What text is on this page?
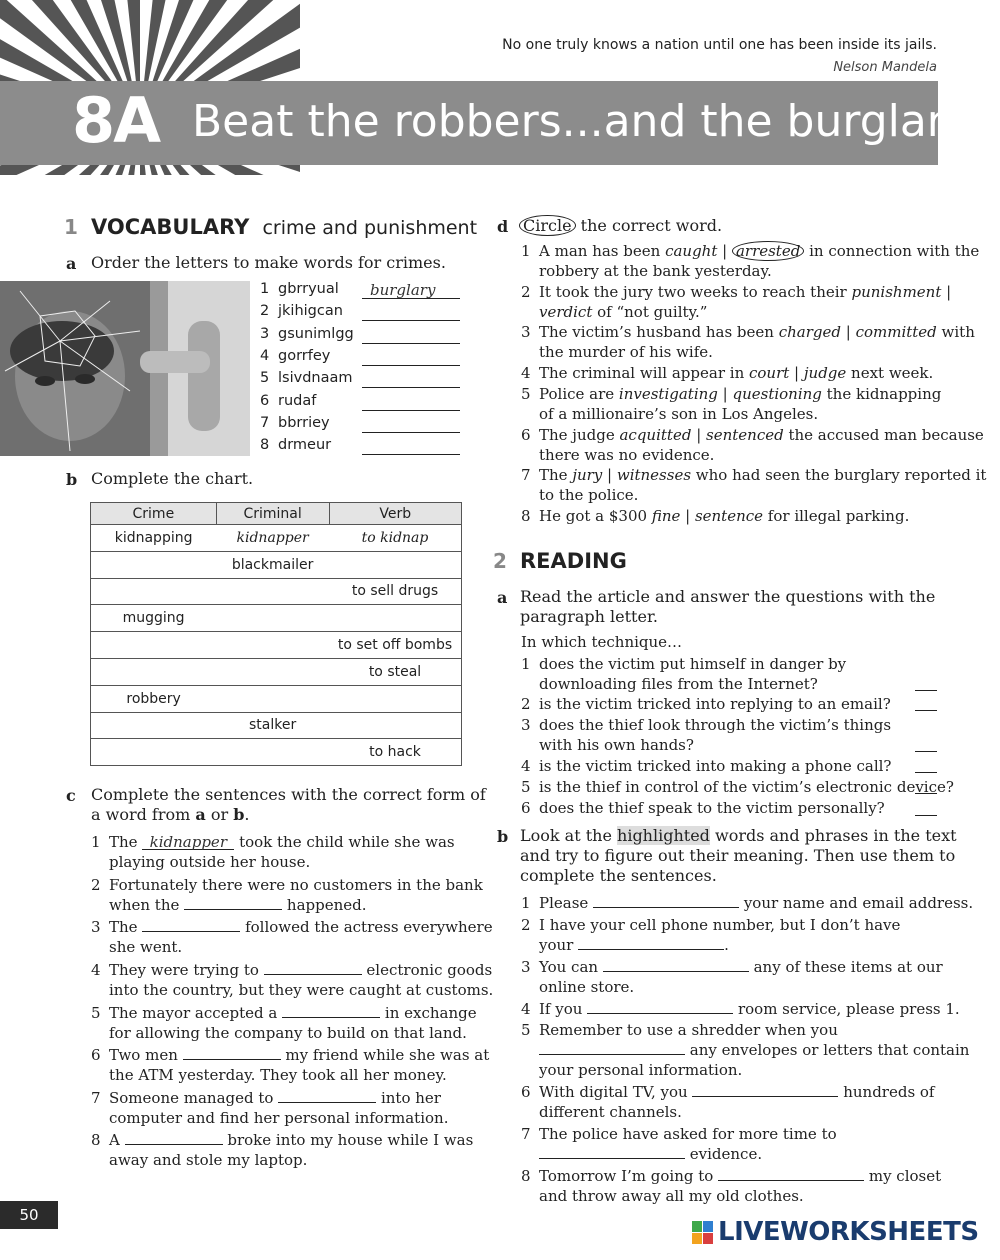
No one truly knows a nation until one has been inside its jails.
Nelson Mandela
8A Beat the robbers...and the burglars
1 VOCABULARY crime and punishment
a Order the letters to make words for crimes.
1 gbrryual burglary
2 jkihigcan
3 gsunimlgg
4 gorrfey
5 lsivdnaam
6 rudaf
7 bbrriey
8 drmeur
b Complete the chart.
Crime	Criminal	Verb
kidnapping	kidnapper	to kidnap
	blackmailer	
		to sell drugs
mugging		
		to set off bombs
		to steal
robbery		
	stalker	
		to hack
c Complete the sentences with the correct form of
a word from a or b.
1 The kidnapper took the child while she was
playing outside her house.
2 Fortunately there were no customers in the bank
when the	happened.
3 The	followed the actress everywhere
she went.
4 They were trying to	electronic goods
into the country, but they were caught at customs.
5 The mayor accepted a	in exchange
for allowing the company to build on that land.
6 Two men	my friend while she was at
the ATM yesterday. They took all her money.
7 Someone managed to	into her
computer and find her personal information.
8 A	broke into my house while I was
away and stole my laptop.
d Circle the correct word.
1 A man has been caught | arrested in connection with the
robbery at the bank yesterday.
2 It took the jury two weeks to reach their punishment |
verdict of “not guilty.”
3 The victim’s husband has been charged | committed with
the murder of his wife.
4 The criminal will appear in court | judge next week.
5 Police are investigating | questioning the kidnapping
of a millionaire’s son in Los Angeles.
6 The judge acquitted | sentenced the accused man because
there was no evidence.
7 The jury | witnesses who had seen the burglary reported it
to the police.
8 He got a $300 fine | sentence for illegal parking.
2 READING
a Read the article and answer the questions with the
paragraph letter.
In which technique…
1 does the victim put himself in danger by
downloading files from the Internet?
2 is the victim tricked into replying to an email?
3 does the thief look through the victim’s things
with his own hands?
4 is the victim tricked into making a phone call?
5 is the thief in control of the victim’s electronic device?
6 does the thief speak to the victim personally?
b Look at the highlighted words and phrases in the text
and try to figure out their meaning. Then use them to
complete the sentences.
1 Please	your name and email address.
2 I have your cell phone number, but I don’t have
your	.
3 You can	any of these items at our
online store.
4 If you	room service, please press 1.
5 Remember to use a shredder when you
any envelopes or letters that contain
your personal information.
6 With digital TV, you	hundreds of
different channels.
7 The police have asked for more time to
evidence.
8 Tomorrow I’m going to	my closet
and throw away all my old clothes.
50
LIVEWORKSHEETS
